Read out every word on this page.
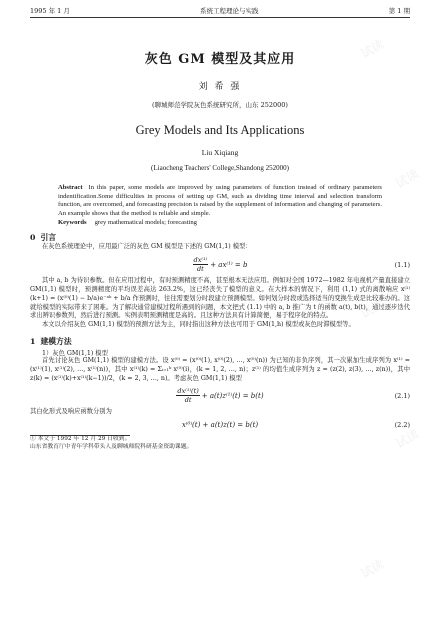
1995 年 1 月	系统工程理论与实践	第 1 期
灰色 GM 模型及其应用
刘 希 强
(聊城师范学院灰色系统研究所，山东 252000)
Grey Models and Its Applications
Liu Xiqiang
(Liaocheng Teachers' College,Shandong 252000)
Abstract In this paper, some models are improved by using parameters of function instead of ordinary parameters indentification.Some difficulties in process of setting up GM, such as dividing time interval and selection transform function, are overcomed, and forecasting precision is raised by the supplement of information and changing of parameters. An example shows that the method is reliable and simple.
Keywords grey mathematical models; forecasting
0 引言
在灰色系统理论中，应用最广泛的灰色 GM 模型是下述的 GM(1,1) 模型：
$\frac{\text{dx⁽¹⁾}}{dt} + ax^{(1)} = b$	(1.1)
其中 a, b 为待识参数。但在应用过程中，有时预测精度不高，甚至根本无法应用。例如对全国 1972—1982 年电视机产量直接建立 GM(1,1) 模型时，预测精度的平均误差高达 263.2%，这已经丧失了模型的意义。在大样本的情况下，利用 (1,1) 式的离散响应 x⁽¹⁾(k+1) = (x⁽⁰⁾(1) − b/a)e⁻ᵃᵏ + b/a 作预测时，往往需要划分时段建立预测模型。如何划分时段或选择适当的变换生成是比较难办的。这就给模型的实际带来了困难。为了解决通常建模过程所遇到的问题，本文把式 (1.1) 中的 a, b 推广为 t 的函数 a(t), b(t)，通过逐步迭代求出辨识参数列，然后进行预测。实例表明预测精度是高的。且这种方法具有计算简便，易于程序化的特点。
本文以介绍灰色 GM(1,1) 模型的预测方法为主，同时指出这种方法也可用于 GM(1,h) 模型或灰色时滞模型等。
1 建模方法
1）灰色 GM(1,1) 模型
首先讨论灰色 GM(1,1) 模型的建模方法。设 x⁽⁰⁾ = (x⁽⁰⁾(1), x⁽⁰⁾(2), …, x⁽⁰⁾(n)) 为已知的非负序列，其一次累加生成序列为 x⁽¹⁾ = (x⁽¹⁾(1), x⁽¹⁾(2), …, x⁽¹⁾(n))，其中 x⁽¹⁾(k) = Σᵢ₌₁ᵏ x⁽⁰⁾(i)，(k = 1, 2, …, n)；z⁽¹⁾ 的均值生成序列为 z = (z(2), z(3), …, z(n))，其中 z(k) = (x⁽¹⁾(k)+x⁽¹⁾(k−1))/2，(k = 2, 3, …, n)。考虑灰色 GM(1,1) 模型
$\frac{\text{dx⁽¹⁾(t)}}{dt} + a(t)z^{(1)}(t) = b(t)$	(2.1)
其白化形式及响应函数分别为
x⁽⁰⁾(t) + a(t)z(t) = b(t)	(2.2)
① 本文于 1992 年 12 月 29 日收到。
山东省教育厅中青年学科带头人及聊城师院科研基金资助课题。
试读
试读
试读
试读
试读
